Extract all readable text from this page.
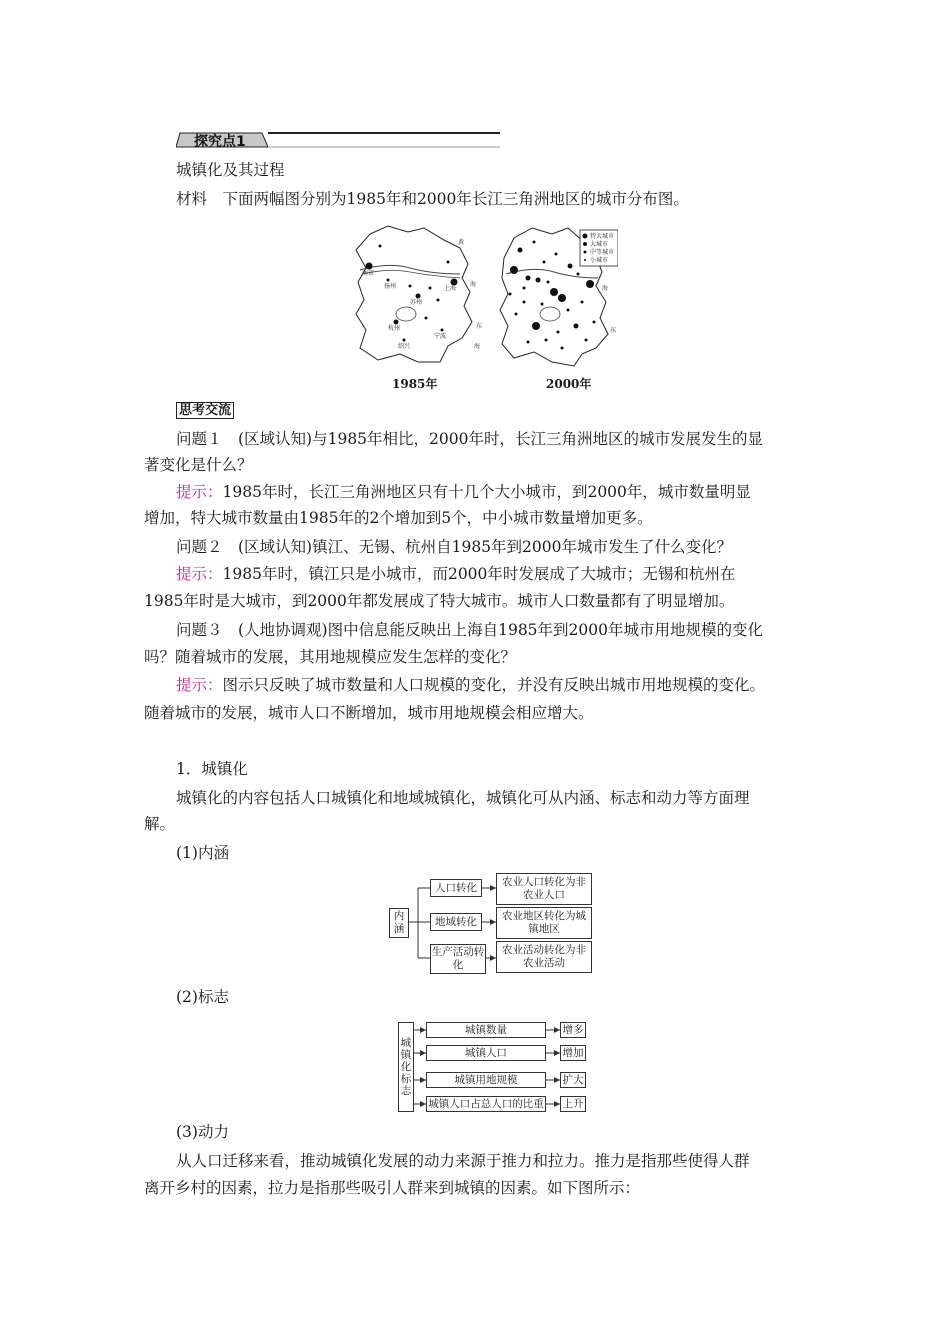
探究点1
城镇化及其过程
材料　下面两幅图分别为1985年和2000年长江三角洲地区的城市分布图。
南京
上海
杭州
苏州
扬州
绍兴
宁波
黄
海
东
海
特大城市
大城市
中等城市
小城市
海
东
1985年	2000年
思考交流
问题１　(区域认知)与1985年相比，2000年时，长江三角洲地区的城市发展发生的显
著变化是什么？
提示：1985年时，长江三角洲地区只有十几个大小城市，到2000年，城市数量明显
增加，特大城市数量由1985年的2个增加到5个，中小城市数量增加更多。
问题２　(区域认知)镇江、无锡、杭州自1985年到2000年城市发生了什么变化？
提示：1985年时，镇江只是小城市，而2000年时发展成了大城市；无锡和杭州在
1985年时是大城市，到2000年都发展成了特大城市。城市人口数量都有了明显增加。
问题３　(人地协调观)图中信息能反映出上海自1985年到2000年城市用地规模的变化
吗？随着城市的发展，其用地规模应发生怎样的变化？
提示：图示只反映了城市数量和人口规模的变化，并没有反映出城市用地规模的变化。
随着城市的发展，城市人口不断增加，城市用地规模会相应增大。
1．城镇化
城镇化的内容包括人口城镇化和地域城镇化，城镇化可从内涵、标志和动力等方面理
解。
(1)内涵
内涵
人口转化
地域转化
生产活动转化
农业人口转化为非农业人口
农业地区转化为城镇地区
农业活动转化为非农业活动
(2)标志
城镇化标志
城镇数量
城镇人口
城镇用地规模
城镇人口占总人口的比重
增多
增加
扩大
上升
(3)动力
从人口迁移来看，推动城镇化发展的动力来源于推力和拉力。推力是指那些使得人群
离开乡村的因素，拉力是指那些吸引人群来到城镇的因素。如下图所示：
